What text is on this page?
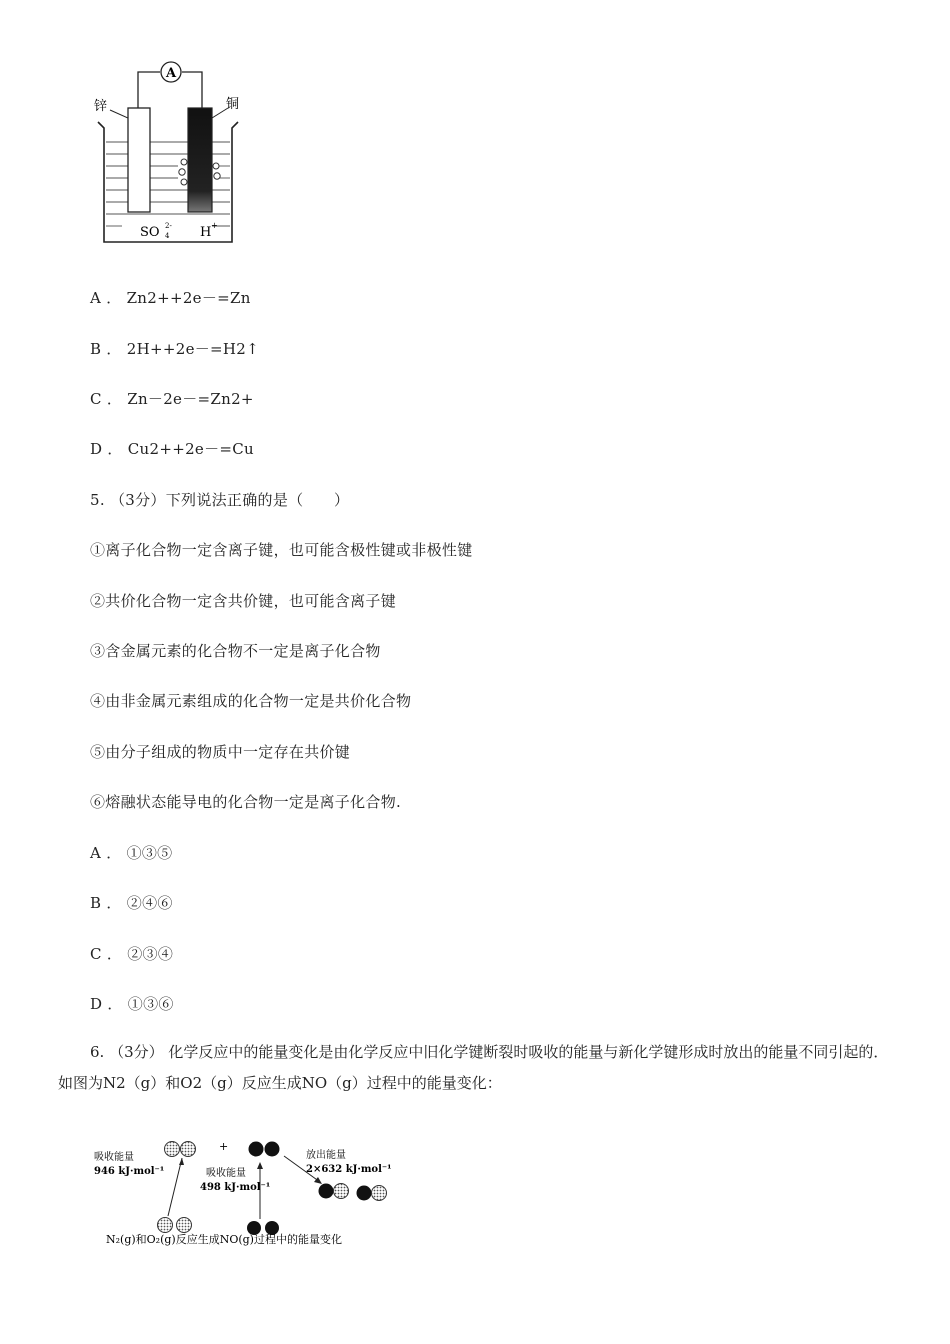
A
锌	铜
SO 2-
4 H +
A ． Zn2++2e－=Zn
B ． 2H++2e－=H2↑
C ． Zn－2e－=Zn2+
D ． Cu2++2e－=Cu
5. （3分）下列说法正确的是（　　）
①离子化合物一定含离子键，也可能含极性键或非极性键
②共价化合物一定含共价键，也可能含离子键
③含金属元素的化合物不一定是离子化合物
④由非金属元素组成的化合物一定是共价化合物
⑤由分子组成的物质中一定存在共价键
⑥熔融状态能导电的化合物一定是离子化合物.
A ． ①③⑤
B ． ②④⑥
C ． ②③④
D ． ①③⑥
6. （3分） 化学反应中的能量变化是由化学反应中旧化学键断裂时吸收的能量与新化学键形成时放出的能量不同引起的．如图为N2（g）和O2（g）反应生成NO（g）过程中的能量变化：
+
吸收能量
946 kJ·mol⁻¹	吸收能量
498 kJ·mol⁻¹
放出能量
2×632 kJ·mol⁻¹
N₂(g)和O₂(g)反应生成NO(g)过程中的能量变化
